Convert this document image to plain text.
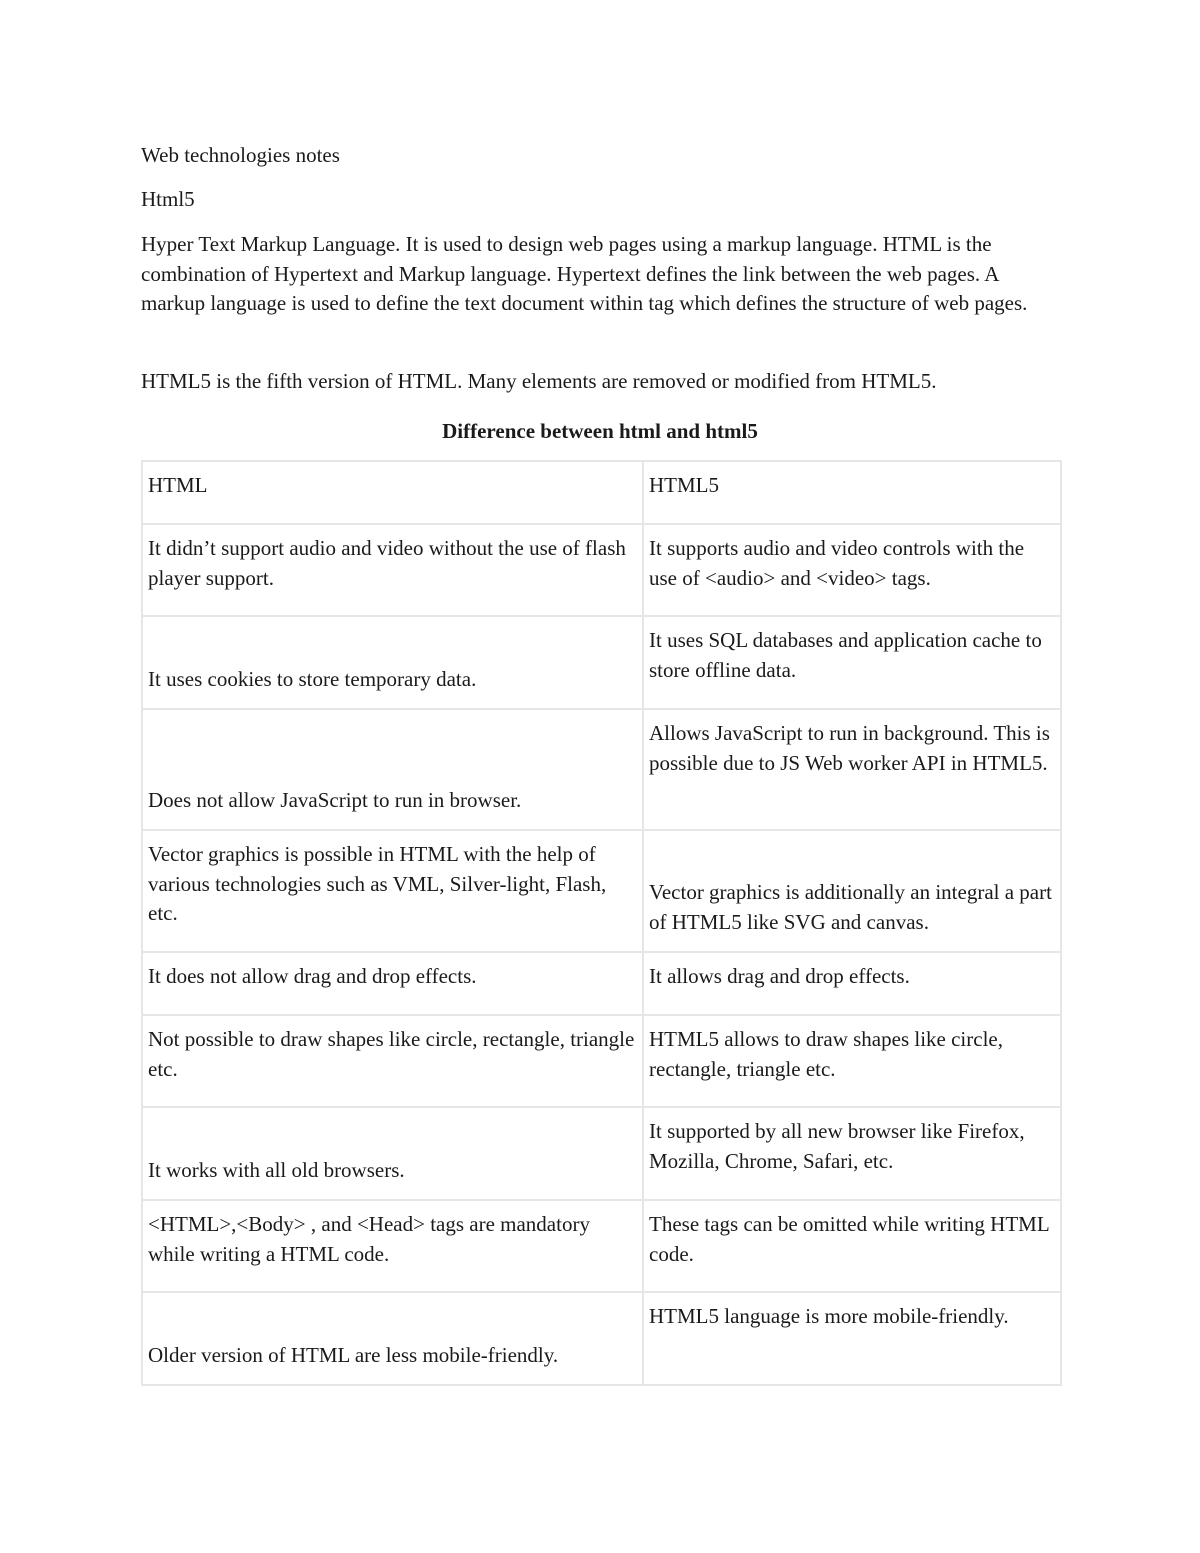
Web technologies notes
Html5
Hyper Text Markup Language. It is used to design web pages using a markup language. HTML is the combination of Hypertext and Markup language. Hypertext defines the link between the web pages. A markup language is used to define the text document within tag which defines the structure of web pages.
HTML5 is the fifth version of HTML. Many elements are removed or modified from HTML5.
Difference between html and html5
HTML	HTML5
It didn’t support audio and video without the use of flash player support.	It supports audio and video controls with the use of <audio> and <video> tags.
It uses cookies to store temporary data.	It uses SQL databases and application cache to store offline data.
Does not allow JavaScript to run in browser.	Allows JavaScript to run in background. This is possible due to JS Web worker API in HTML5.
Vector graphics is possible in HTML with the help of various technologies such as VML, Silver-light, Flash, etc.	Vector graphics is additionally an integral a part of HTML5 like SVG and canvas.
It does not allow drag and drop effects.	It allows drag and drop effects.
Not possible to draw shapes like circle, rectangle, triangle etc.	HTML5 allows to draw shapes like circle, rectangle, triangle etc.
It works with all old browsers.	It supported by all new browser like Firefox, Mozilla, Chrome, Safari, etc.
<HTML>,<Body> , and <Head> tags are mandatory while writing a HTML code.	These tags can be omitted while writing HTML code.
Older version of HTML are less mobile-friendly.	HTML5 language is more mobile-friendly.
